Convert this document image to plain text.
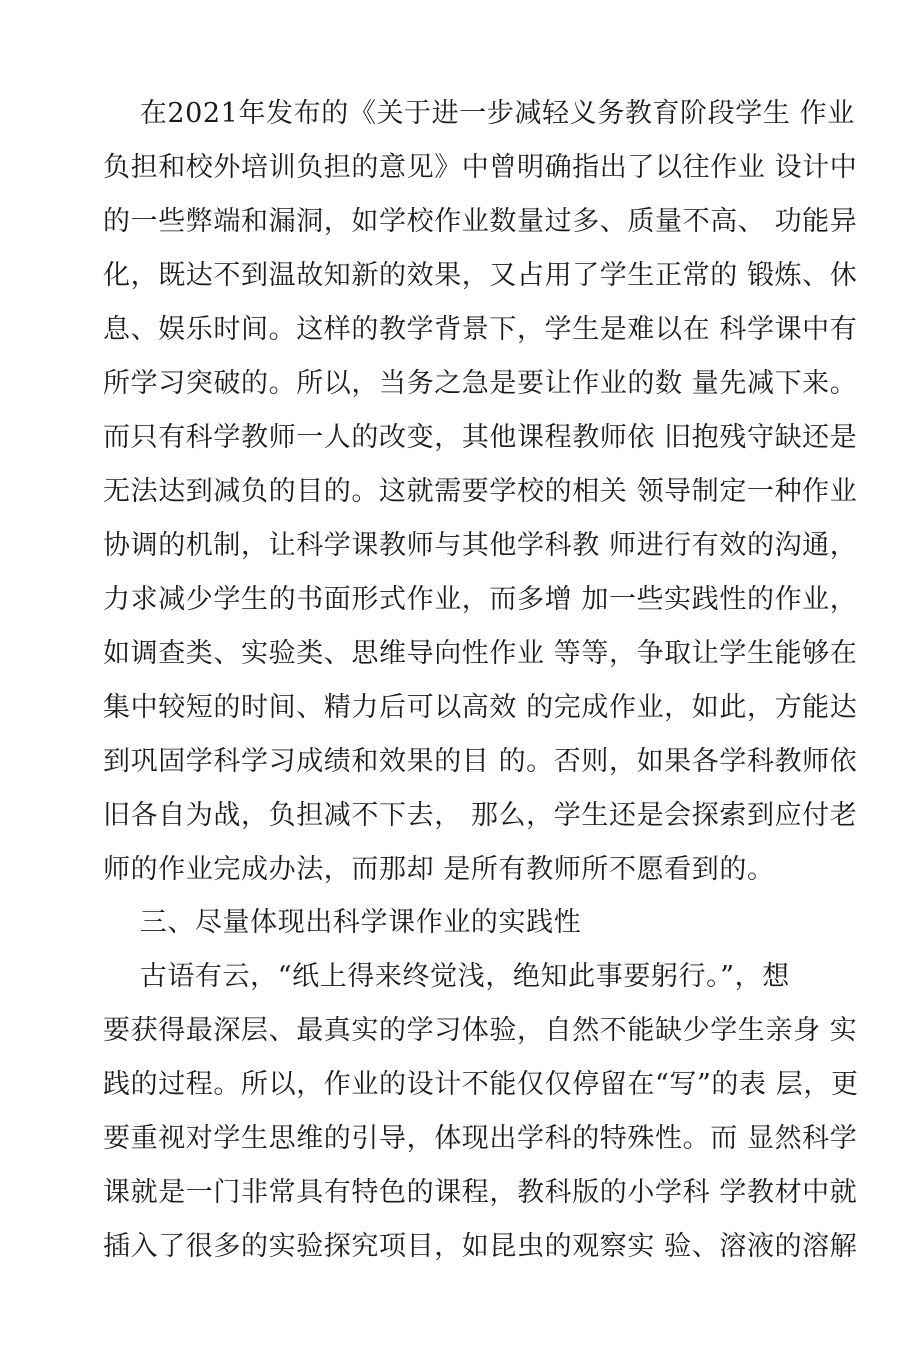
在2021年发布的《关于进一步减轻义务教育阶段学生 作业
负担和校外培训负担的意见》中曾明确指出了以往作业 设计中
的一些弊端和漏洞，如学校作业数量过多、质量不高、 功能异
化，既达不到温故知新的效果，又占用了学生正常的 锻炼、休
息、娱乐时间。这样的教学背景下，学生是难以在 科学课中有
所学习突破的。所以，当务之急是要让作业的数 量先减下来。
而只有科学教师一人的改变，其他课程教师依 旧抱残守缺还是
无法达到减负的目的。这就需要学校的相关 领导制定一种作业
协调的机制，让科学课教师与其他学科教 师进行有效的沟通，
力求减少学生的书面形式作业，而多增 加一些实践性的作业，
如调查类、实验类、思维导向性作业 等等，争取让学生能够在
集中较短的时间、精力后可以高效 的完成作业，如此，方能达
到巩固学科学习成绩和效果的目 的。否则，如果各学科教师依
旧各自为战，负担减不下去， 那么，学生还是会探索到应付老
师的作业完成办法，而那却 是所有教师所不愿看到的。
三、尽量体现出科学课作业的实践性
古语有云，“纸上得来终觉浅，绝知此事要躬行。”，想
要获得最深层、最真实的学习体验，自然不能缺少学生亲身 实
践的过程。所以，作业的设计不能仅仅停留在“写”的表 层，更
要重视对学生思维的引导，体现出学科的特殊性。而 显然科学
课就是一门非常具有特色的课程，教科版的小学科 学教材中就
插入了很多的实验探究项目，如昆虫的观察实 验、溶液的溶解
